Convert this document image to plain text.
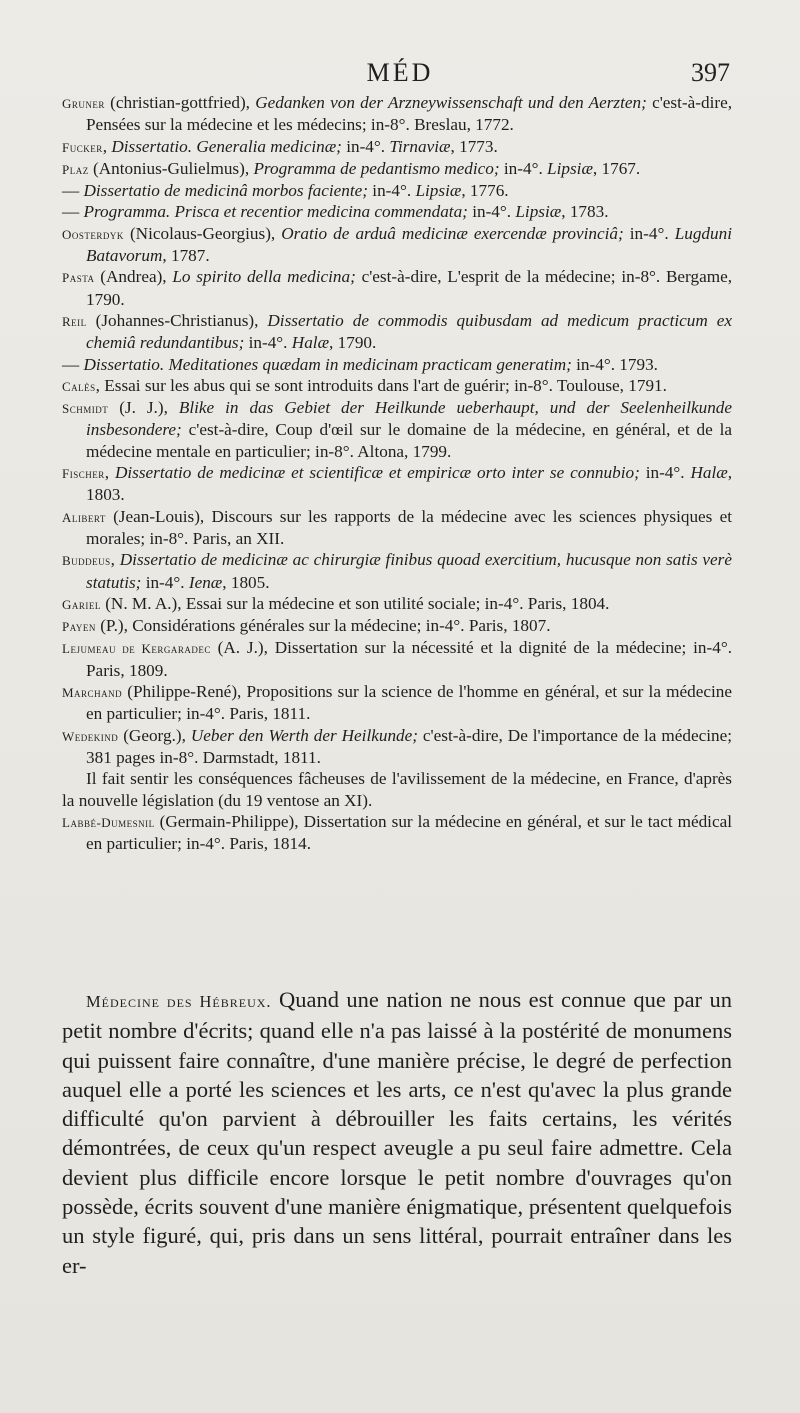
MÉD	397

Gruner (christian-gottfried), Gedanken von der Arzneywissenschaft und den Aerzten; c'est-à-dire, Pensées sur la médecine et les médecins; in-8°. Breslau, 1772.

Fucker, Dissertatio. Generalia medicinæ; in-4°. Tirnaviæ, 1773.

Plaz (Antonius-Gulielmus), Programma de pedantismo medico; in-4°. Lipsiæ, 1767.

— Dissertatio de medicinâ morbos faciente; in-4°. Lipsiæ, 1776.

— Programma. Prisca et recentior medicina commendata; in-4°. Lipsiæ, 1783.

Oosterdyk (Nicolaus-Georgius), Oratio de arduâ medicinæ exercendæ provinciâ; in-4°. Lugduni Batavorum, 1787.

Pasta (Andrea), Lo spirito della medicina; c'est-à-dire, L'esprit de la médecine; in-8°. Bergame, 1790.

Reil (Johannes-Christianus), Dissertatio de commodis quibusdam ad medicum practicum ex chemiâ redundantibus; in-4°. Halæ, 1790.

— Dissertatio. Meditationes quædam in medicinam practicam generatim; in-4°. 1793.

Calès, Essai sur les abus qui se sont introduits dans l'art de guérir; in-8°. Toulouse, 1791.

Schmidt (J. J.), Blike in das Gebiet der Heilkunde ueberhaupt, und der Seelenheilkunde insbesondere; c'est-à-dire, Coup d'œil sur le domaine de la médecine, en général, et de la médecine mentale en particulier; in-8°. Altona, 1799.

Fischer, Dissertatio de medicinæ et scientificæ et empiricæ orto inter se connubio; in-4°. Halæ, 1803.

Alibert (Jean-Louis), Discours sur les rapports de la médecine avec les sciences physiques et morales; in-8°. Paris, an XII.

Buddeus, Dissertatio de medicinæ ac chirurgiæ finibus quoad exercitium, hucusque non satis verè statutis; in-4°. Ienæ, 1805.

Gariel (N. M. A.), Essai sur la médecine et son utilité sociale; in-4°. Paris, 1804.

Payen (P.), Considérations générales sur la médecine; in-4°. Paris, 1807.

Lejumeau de Kergaradec (A. J.), Dissertation sur la nécessité et la dignité de la médecine; in-4°. Paris, 1809.

Marchand (Philippe-René), Propositions sur la science de l'homme en général, et sur la médecine en particulier; in-4°. Paris, 1811.

Wedekind (Georg.), Ueber den Werth der Heilkunde; c'est-à-dire, De l'importance de la médecine; 381 pages in-8°. Darmstadt, 1811.

Il fait sentir les conséquences fâcheuses de l'avilissement de la médecine, en France, d'après la nouvelle législation (du 19 ventose an XI).

Labbé-Dumesnil (Germain-Philippe), Dissertation sur la médecine en général, et sur le tact médical en particulier; in-4°. Paris, 1814.

Médecine des Hébreux. Quand une nation ne nous est connue que par un petit nombre d'écrits; quand elle n'a pas laissé à la postérité de monumens qui puissent faire connaître, d'une manière précise, le degré de perfection auquel elle a porté les sciences et les arts, ce n'est qu'avec la plus grande difficulté qu'on parvient à débrouiller les faits certains, les vérités démontrées, de ceux qu'un respect aveugle a pu seul faire admettre. Cela devient plus difficile encore lorsque le petit nombre d'ouvrages qu'on possède, écrits souvent d'une manière énigmatique, présentent quelquefois un style figuré, qui, pris dans un sens littéral, pourrait entraîner dans les er-
